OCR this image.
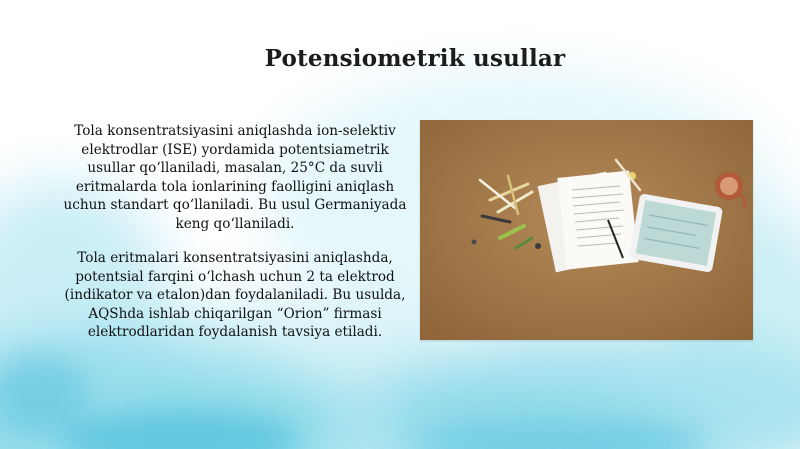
Potensiometrik usullar

Tola konsentratsiyasini aniqlashda ion-selektiv elektrodlar (ISE) yordamida potentsiametrik usullar qo‘llaniladi, masalan, 25°C da suvli eritmalarda tola ionlarining faolligini aniqlash uchun standart qo‘llaniladi. Bu usul Germaniyada keng qo‘llaniladi.

Tola eritmalari konsentratsiyasini aniqlashda, potentsial farqini o‘lchash uchun 2 ta elektrod (indikator va etalon)dan foydalaniladi. Bu usulda, AQShda ishlab chiqarilgan “Orion” firmasi elektrodlaridan foydalanish tavsiya etiladi.
